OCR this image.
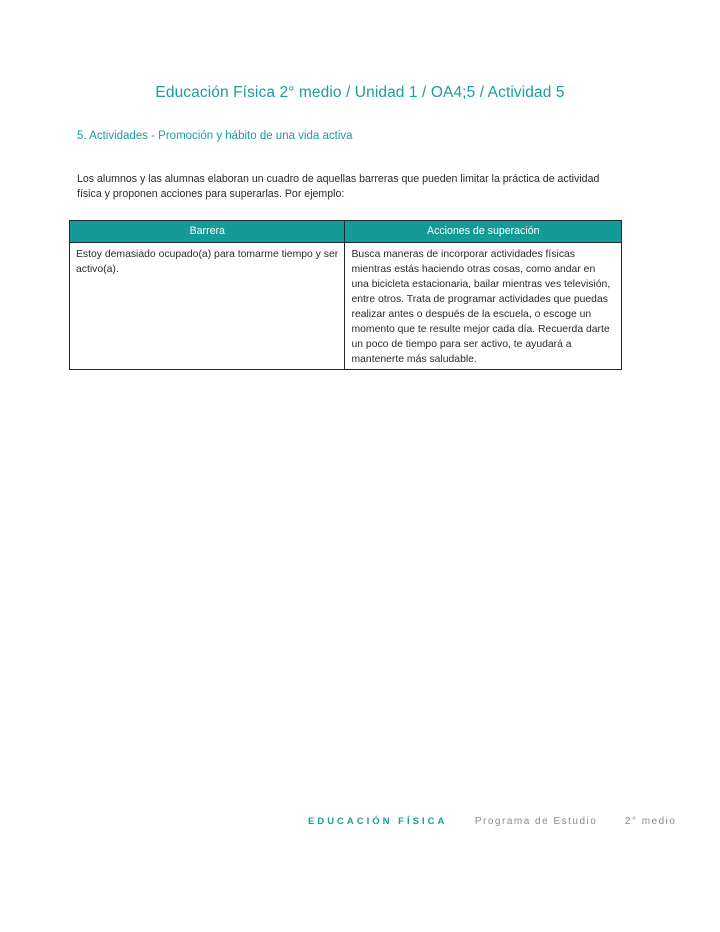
Educación Física 2° medio / Unidad 1 / OA4;5 / Actividad 5
5. Actividades - Promoción y hábito de una vida activa
Los alumnos y las alumnas elaboran un cuadro de aquellas barreras que pueden limitar la práctica de actividad física y proponen acciones para superarlas. Por ejemplo:
Barrera	Acciones de superación
Estoy demasiado ocupado(a) para tomarme tiempo y ser activo(a).	Busca maneras de incorporar actividades físicas mientras estás haciendo otras cosas, como andar en una bicicleta estacionaria, bailar mientras ves televisión, entre otros. Trata de programar actividades que puedas realizar antes o después de la escuela, o escoge un momento que te resulte mejor cada día. Recuerda darte un poco de tiempo para ser activo, te ayudará a mantenerte más saludable.
EDUCACIÓN FÍSICA	Programa de Estudio	2° medio
